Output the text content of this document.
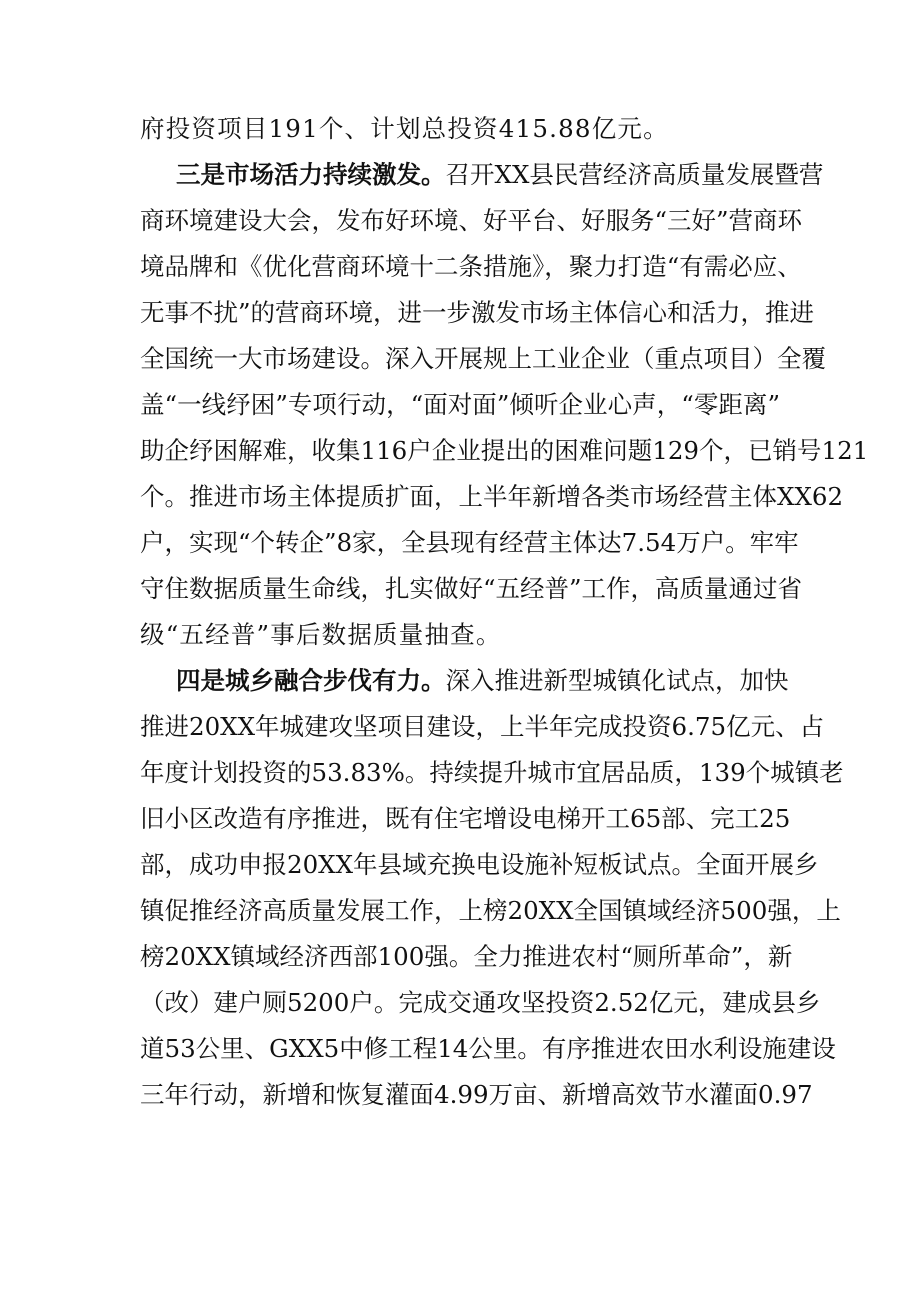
府投资项目191个、计划总投资415.88亿元。
三是市场活力持续激发。召开XX县民营经济高质量发展暨营
商环境建设大会，发布好环境、好平台、好服务“三好”营商环
境品牌和《优化营商环境十二条措施》，聚力打造“有需必应、
无事不扰”的营商环境，进一步激发市场主体信心和活力，推进
全国统一大市场建设。深入开展规上工业企业（重点项目）全覆
盖“一线纾困”专项行动，“面对面”倾听企业心声，“零距离”
助企纾困解难，收集116户企业提出的困难问题129个，已销号121
个。推进市场主体提质扩面，上半年新增各类市场经营主体XX62
户，实现“个转企”8家，全县现有经营主体达7.54万户。牢牢
守住数据质量生命线，扎实做好“五经普”工作，高质量通过省
级“五经普”事后数据质量抽查。
四是城乡融合步伐有力。深入推进新型城镇化试点，加快
推进20XX年城建攻坚项目建设，上半年完成投资6.75亿元、占
年度计划投资的53.83%。持续提升城市宜居品质，139个城镇老
旧小区改造有序推进，既有住宅增设电梯开工65部、完工25
部，成功申报20XX年县域充换电设施补短板试点。全面开展乡
镇促推经济高质量发展工作，上榜20XX全国镇域经济500强，上
榜20XX镇域经济西部100强。全力推进农村“厕所革命”，新
（改）建户厕5200户。完成交通攻坚投资2.52亿元，建成县乡
道53公里、GXX5中修工程14公里。有序推进农田水利设施建设
三年行动，新增和恢复灌面4.99万亩、新增高效节水灌面0.97
